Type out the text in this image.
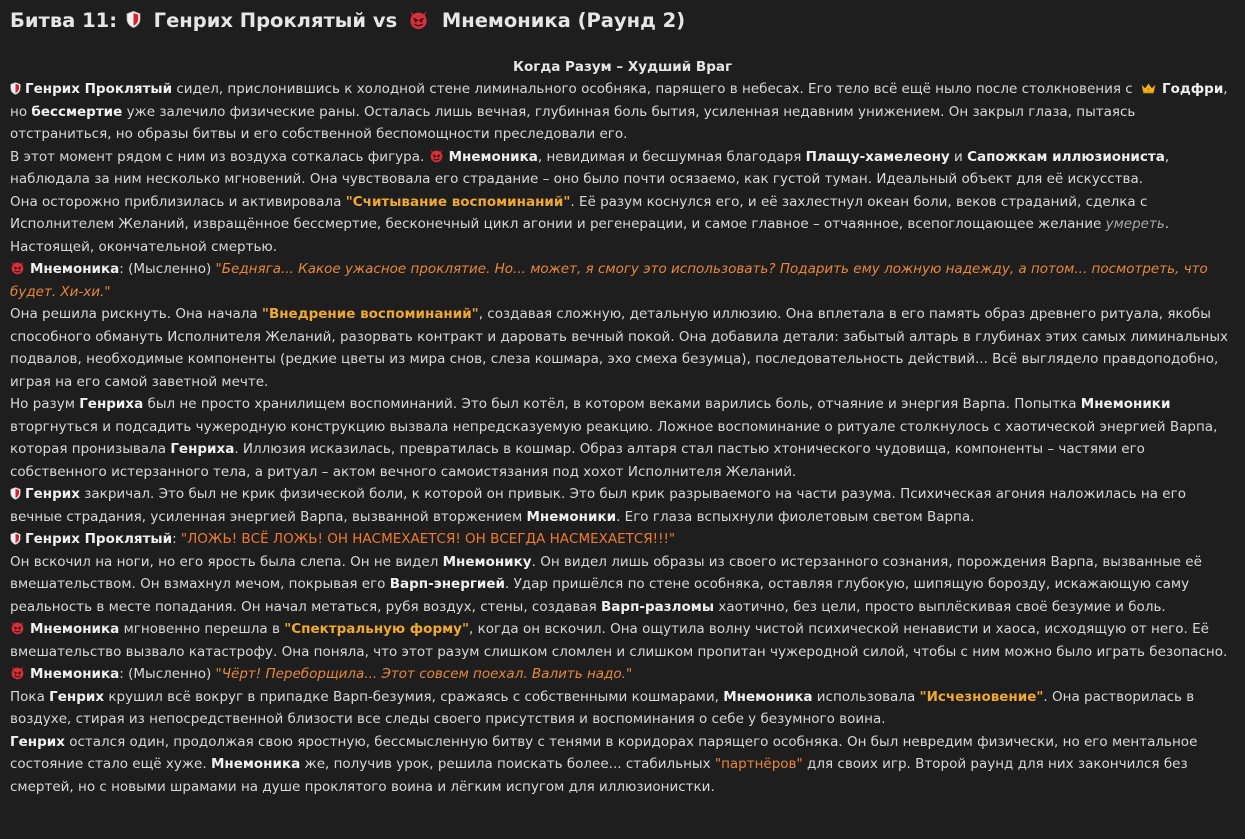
Битва 11: Генрих Проклятый vs Мнемоника (Раунд 2)
Когда Разум – Худший Враг

Генрих Проклятый сидел, прислонившись к холодной стене лиминального особняка, парящего в небесах. Его тело всё ещё ныло после столкновения с Годфри, но бессмертие уже залечило физические раны. Осталась лишь вечная, глубинная боль бытия, усиленная недавним унижением. Он закрыл глаза, пытаясь отстраниться, но образы битвы и его собственной беспомощности преследовали его.

В этот момент рядом с ним из воздуха соткалась фигура. Мнемоника, невидимая и бесшумная благодаря Плащу-хамелеону и Сапожкам иллюзиониста, наблюдала за ним несколько мгновений. Она чувствовала его страдание – оно было почти осязаемо, как густой туман. Идеальный объект для её искусства.

Она осторожно приблизилась и активировала "Считывание воспоминаний". Её разум коснулся его, и её захлестнул океан боли, веков страданий, сделка с Исполнителем Желаний, извращённое бессмертие, бесконечный цикл агонии и регенерации, и самое главное – отчаянное, всепоглощающее желание умереть. Настоящей, окончательной смертью.

Мнемоника: (Мысленно) "Бедняга... Какое ужасное проклятие. Но... может, я смогу это использовать? Подарить ему ложную надежду, а потом... посмотреть, что будет. Хи-хи."

Она решила рискнуть. Она начала "Внедрение воспоминаний", создавая сложную, детальную иллюзию. Она вплетала в его память образ древнего ритуала, якобы способного обмануть Исполнителя Желаний, разорвать контракт и даровать вечный покой. Она добавила детали: забытый алтарь в глубинах этих самых лиминальных подвалов, необходимые компоненты (редкие цветы из мира снов, слеза кошмара, эхо смеха безумца), последовательность действий... Всё выглядело правдоподобно, играя на его самой заветной мечте.

Но разум Генриха был не просто хранилищем воспоминаний. Это был котёл, в котором веками варились боль, отчаяние и энергия Варпа. Попытка Мнемоники вторгнуться и подсадить чужеродную конструкцию вызвала непредсказуемую реакцию. Ложное воспоминание о ритуале столкнулось с хаотической энергией Варпа, которая пронизывала Генриха. Иллюзия исказилась, превратилась в кошмар. Образ алтаря стал пастью хтонического чудовища, компоненты – частями его собственного истерзанного тела, а ритуал – актом вечного самоистязания под хохот Исполнителя Желаний.

Генрих закричал. Это был не крик физической боли, к которой он привык. Это был крик разрываемого на части разума. Психическая агония наложилась на его вечные страдания, усиленная энергией Варпа, вызванной вторжением Мнемоники. Его глаза вспыхнули фиолетовым светом Варпа.

Генрих Проклятый: "ЛОЖЬ! ВСЁ ЛОЖЬ! ОН НАСМЕХАЕТСЯ! ОН ВСЕГДА НАСМЕХАЕТСЯ!!!"

Он вскочил на ноги, но его ярость была слепа. Он не видел Мнемонику. Он видел лишь образы из своего истерзанного сознания, порождения Варпа, вызванные её вмешательством. Он взмахнул мечом, покрывая его Варп-энергией. Удар пришёлся по стене особняка, оставляя глубокую, шипящую борозду, искажающую саму реальность в месте попадания. Он начал метаться, рубя воздух, стены, создавая Варп-разломы хаотично, без цели, просто выплёскивая своё безумие и боль.

Мнемоника мгновенно перешла в "Спектральную форму", когда он вскочил. Она ощутила волну чистой психической ненависти и хаоса, исходящую от него. Её вмешательство вызвало катастрофу. Она поняла, что этот разум слишком сломлен и слишком пропитан чужеродной силой, чтобы с ним можно было играть безопасно.

Мнемоника: (Мысленно) "Чёрт! Переборщила... Этот совсем поехал. Валить надо."

Пока Генрих крушил всё вокруг в припадке Варп-безумия, сражаясь с собственными кошмарами, Мнемоника использовала "Исчезновение". Она растворилась в воздухе, стирая из непосредственной близости все следы своего присутствия и воспоминания о себе у безумного воина.

Генрих остался один, продолжая свою яростную, бессмысленную битву с тенями в коридорах парящего особняка. Он был невредим физически, но его ментальное состояние стало ещё хуже. Мнемоника же, получив урок, решила поискать более... стабильных "партнёров" для своих игр. Второй раунд для них закончился без смертей, но с новыми шрамами на душе проклятого воина и лёгким испугом для иллюзионистки.
